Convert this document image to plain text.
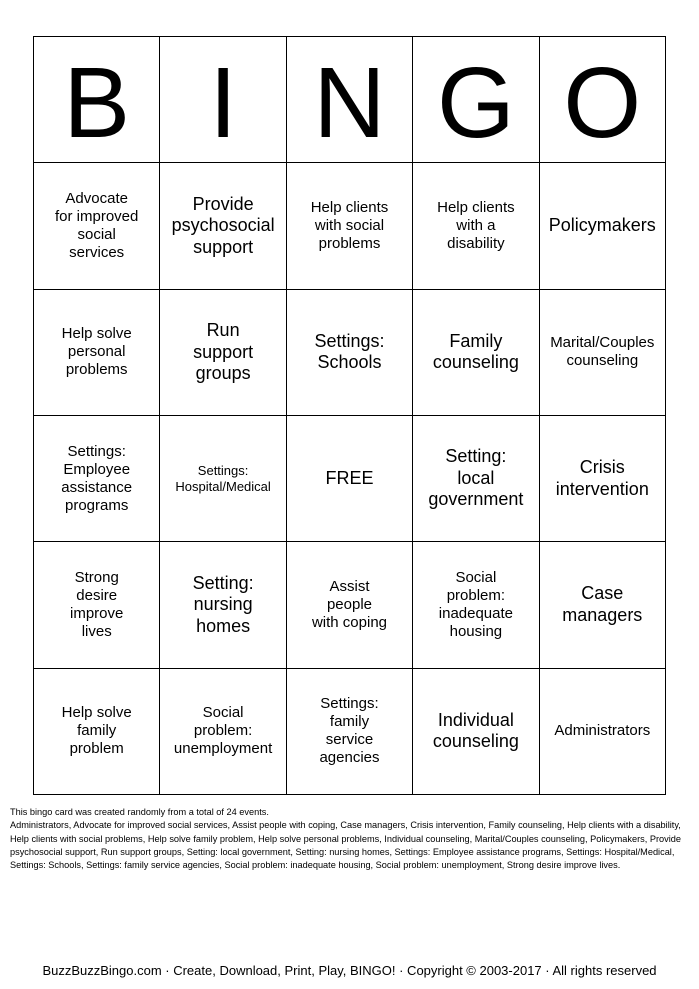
B I N G O
Advocate
for improved
social
services
Provide
psychosocial
support
Help clients
with social
problems
Help clients
with a
disability
Policymakers
Help solve
personal
problems
Run
support
groups
Settings:
Schools
Family
counseling
Marital/Couples
counseling
Settings:
Employee
assistance
programs
Settings:
Hospital/Medical	FREE
Setting:
local
government
Crisis
intervention
Strong
desire
improve
lives
Setting:
nursing
homes
Assist
people
with coping
Social
problem:
inadequate
housing
Case
managers
Help solve
family
problem
Social
problem:
unemployment
Settings:
family
service
agencies
Individual
counseling
Administrators
This bingo card was created randomly from a total of 24 events.
Administrators, Advocate for improved social services, Assist people with coping, Case managers, Crisis intervention, Family counseling, Help clients with a disability, Help clients with social problems, Help solve family problem, Help solve personal problems, Individual counseling, Marital/Couples counseling, Policymakers, Provide psychosocial support, Run support groups, Setting: local government, Setting: nursing homes, Settings: Employee assistance programs, Settings: Hospital/Medical, Settings: Schools, Settings: family service agencies, Social problem: inadequate housing, Social problem: unemployment, Strong desire improve lives.
BuzzBuzzBingo.com · Create, Download, Print, Play, BINGO! · Copyright © 2003-2017 · All rights reserved
